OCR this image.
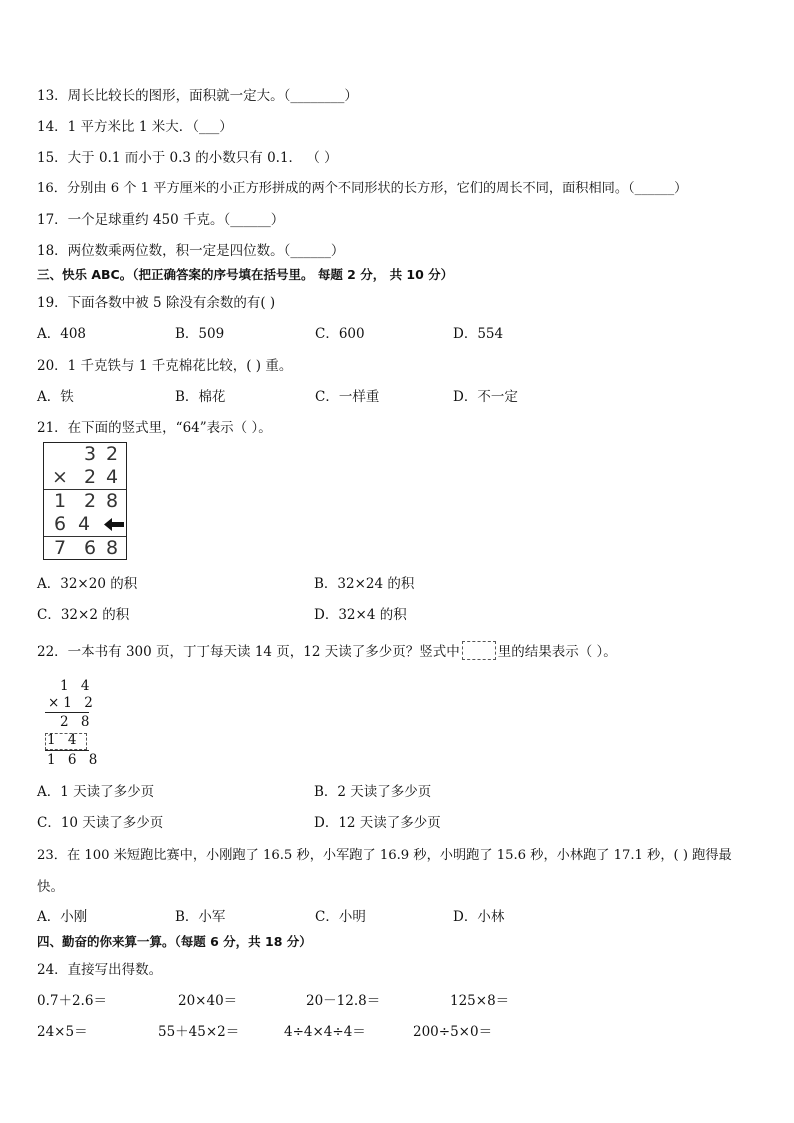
13．周长比较长的图形，面积就一定大。（________）
14．1 平方米比 1 米大．（___）
15．大于 0.1 而小于 0.3 的小数只有 0.1． （ ）
16．分别由 6 个 1 平方厘米的小正方形拼成的两个不同形状的长方形，它们的周长不同，面积相同。（______）
17．一个足球重约 450 千克。（______）
18．两位数乘两位数，积一定是四位数。（______）
三、快乐 ABC。（把正确答案的序号填在括号里。 每题 2 分， 共 10 分）
19．下面各数中被 5 除没有余数的有( )
A．408	B．509	C．600	D．554
20．1 千克铁与 1 千克棉花比较，( ) 重。
A．铁	B．棉花	C．一样重	D．不一定
21．在下面的竖式里，“64”表示（ ）。
3 2
× 2 4
1 2 8
6 4
7 6 8
A．32×20 的积	B．32×24 的积
C．32×2 的积	D．32×4 的积
22．一本书有 300 页，丁丁每天读 14 页，12 天读了多少页？竖式中	里的结果表示（ ）。
1 4
×1 2
2 8
1 4
1 6 8
A．1 天读了多少页	B．2 天读了多少页
C．10 天读了多少页	D．12 天读了多少页
23．在 100 米短跑比赛中，小刚跑了 16.5 秒，小军跑了 16.9 秒，小明跑了 15.6 秒，小林跑了 17.1 秒，( ) 跑得最
快。
A．小刚	B．小军	C．小明	D．小林
四、勤奋的你来算一算。（每题 6 分，共 18 分）
24．直接写出得数。
0.7＋2.6＝	20×40＝	20－12.8＝	125×8＝
24×5＝	55＋45×2＝	4÷4×4÷4＝	200÷5×0＝
